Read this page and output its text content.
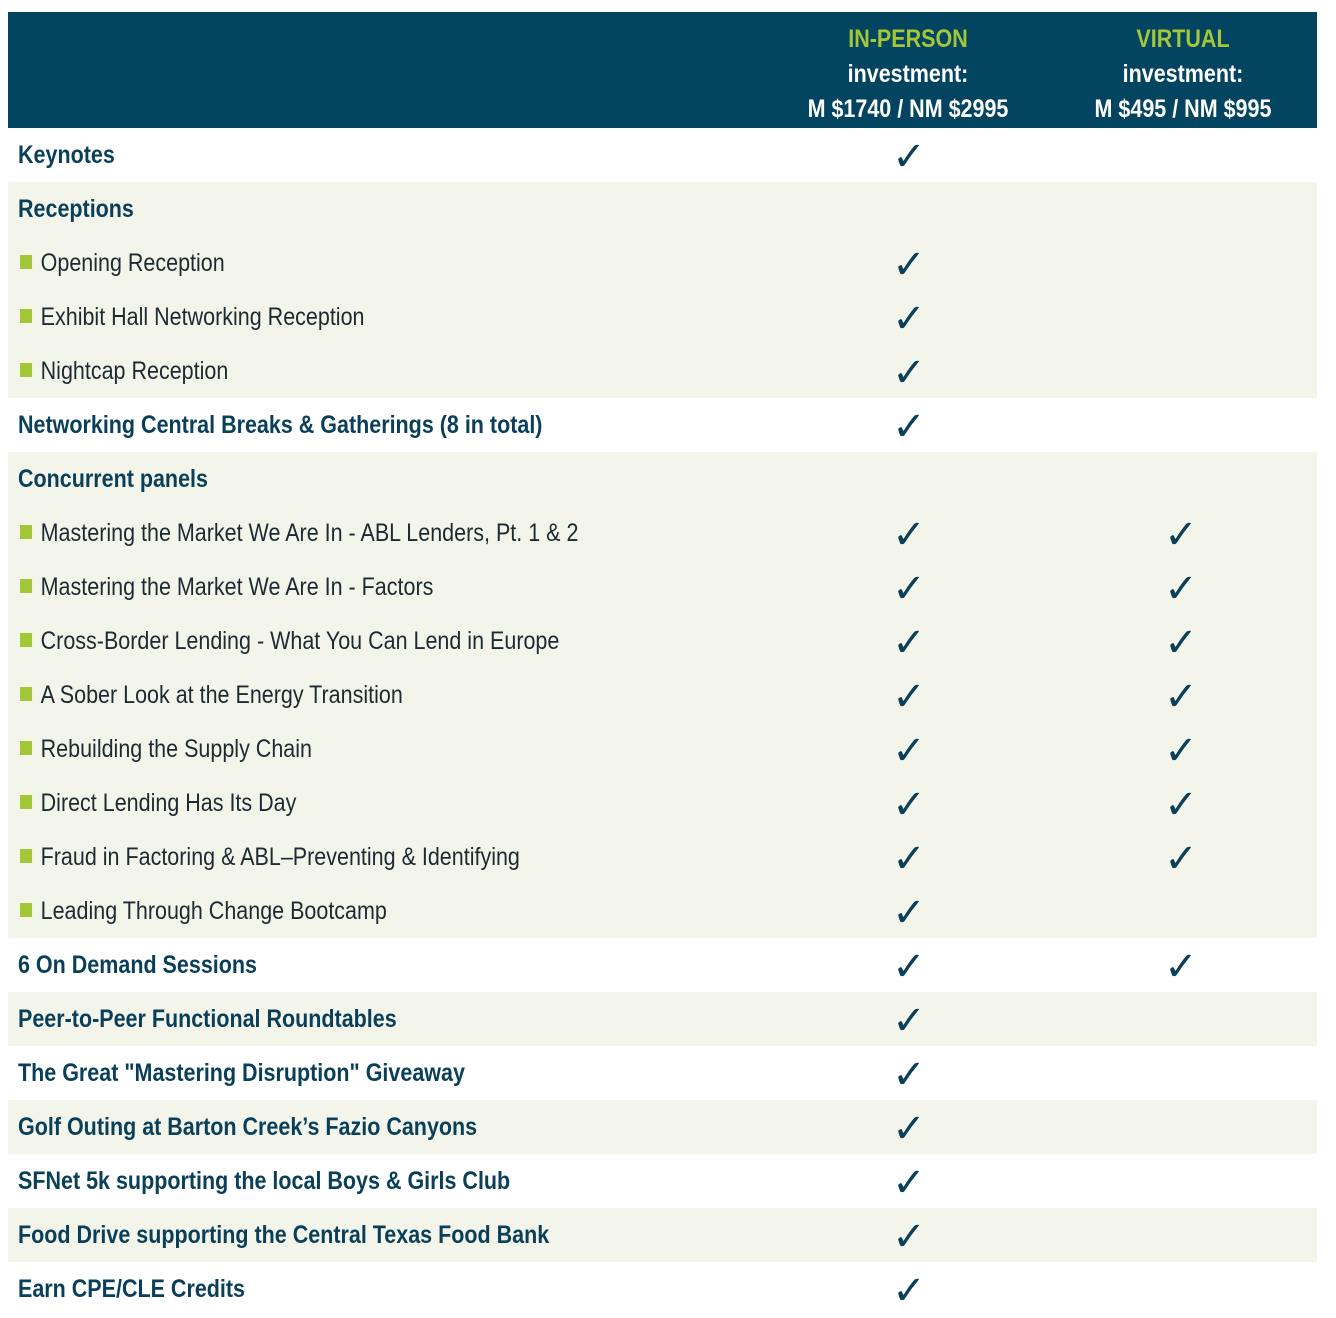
IN-PERSON
investment:
M $1740 / NM $2995
VIRTUAL
investment:
M $495 / NM $995
Keynotes	✓
Receptions
Opening Reception	✓
Exhibit Hall Networking Reception	✓
Nightcap Reception	✓
Networking Central Breaks & Gatherings (8 in total)	✓
Concurrent panels
Mastering the Market We Are In - ABL Lenders, Pt. 1 & 2	✓	✓
Mastering the Market We Are In - Factors	✓	✓
Cross-Border Lending - What You Can Lend in Europe	✓	✓
A Sober Look at the Energy Transition	✓	✓
Rebuilding the Supply Chain	✓	✓
Direct Lending Has Its Day	✓	✓
Fraud in Factoring & ABL–Preventing & Identifying	✓	✓
Leading Through Change Bootcamp	✓
6 On Demand Sessions	✓	✓
Peer-to-Peer Functional Roundtables	✓
The Great "Mastering Disruption" Giveaway	✓
Golf Outing at Barton Creek’s Fazio Canyons	✓
SFNet 5k supporting the local Boys & Girls Club	✓
Food Drive supporting the Central Texas Food Bank	✓
Earn CPE/CLE Credits	✓
